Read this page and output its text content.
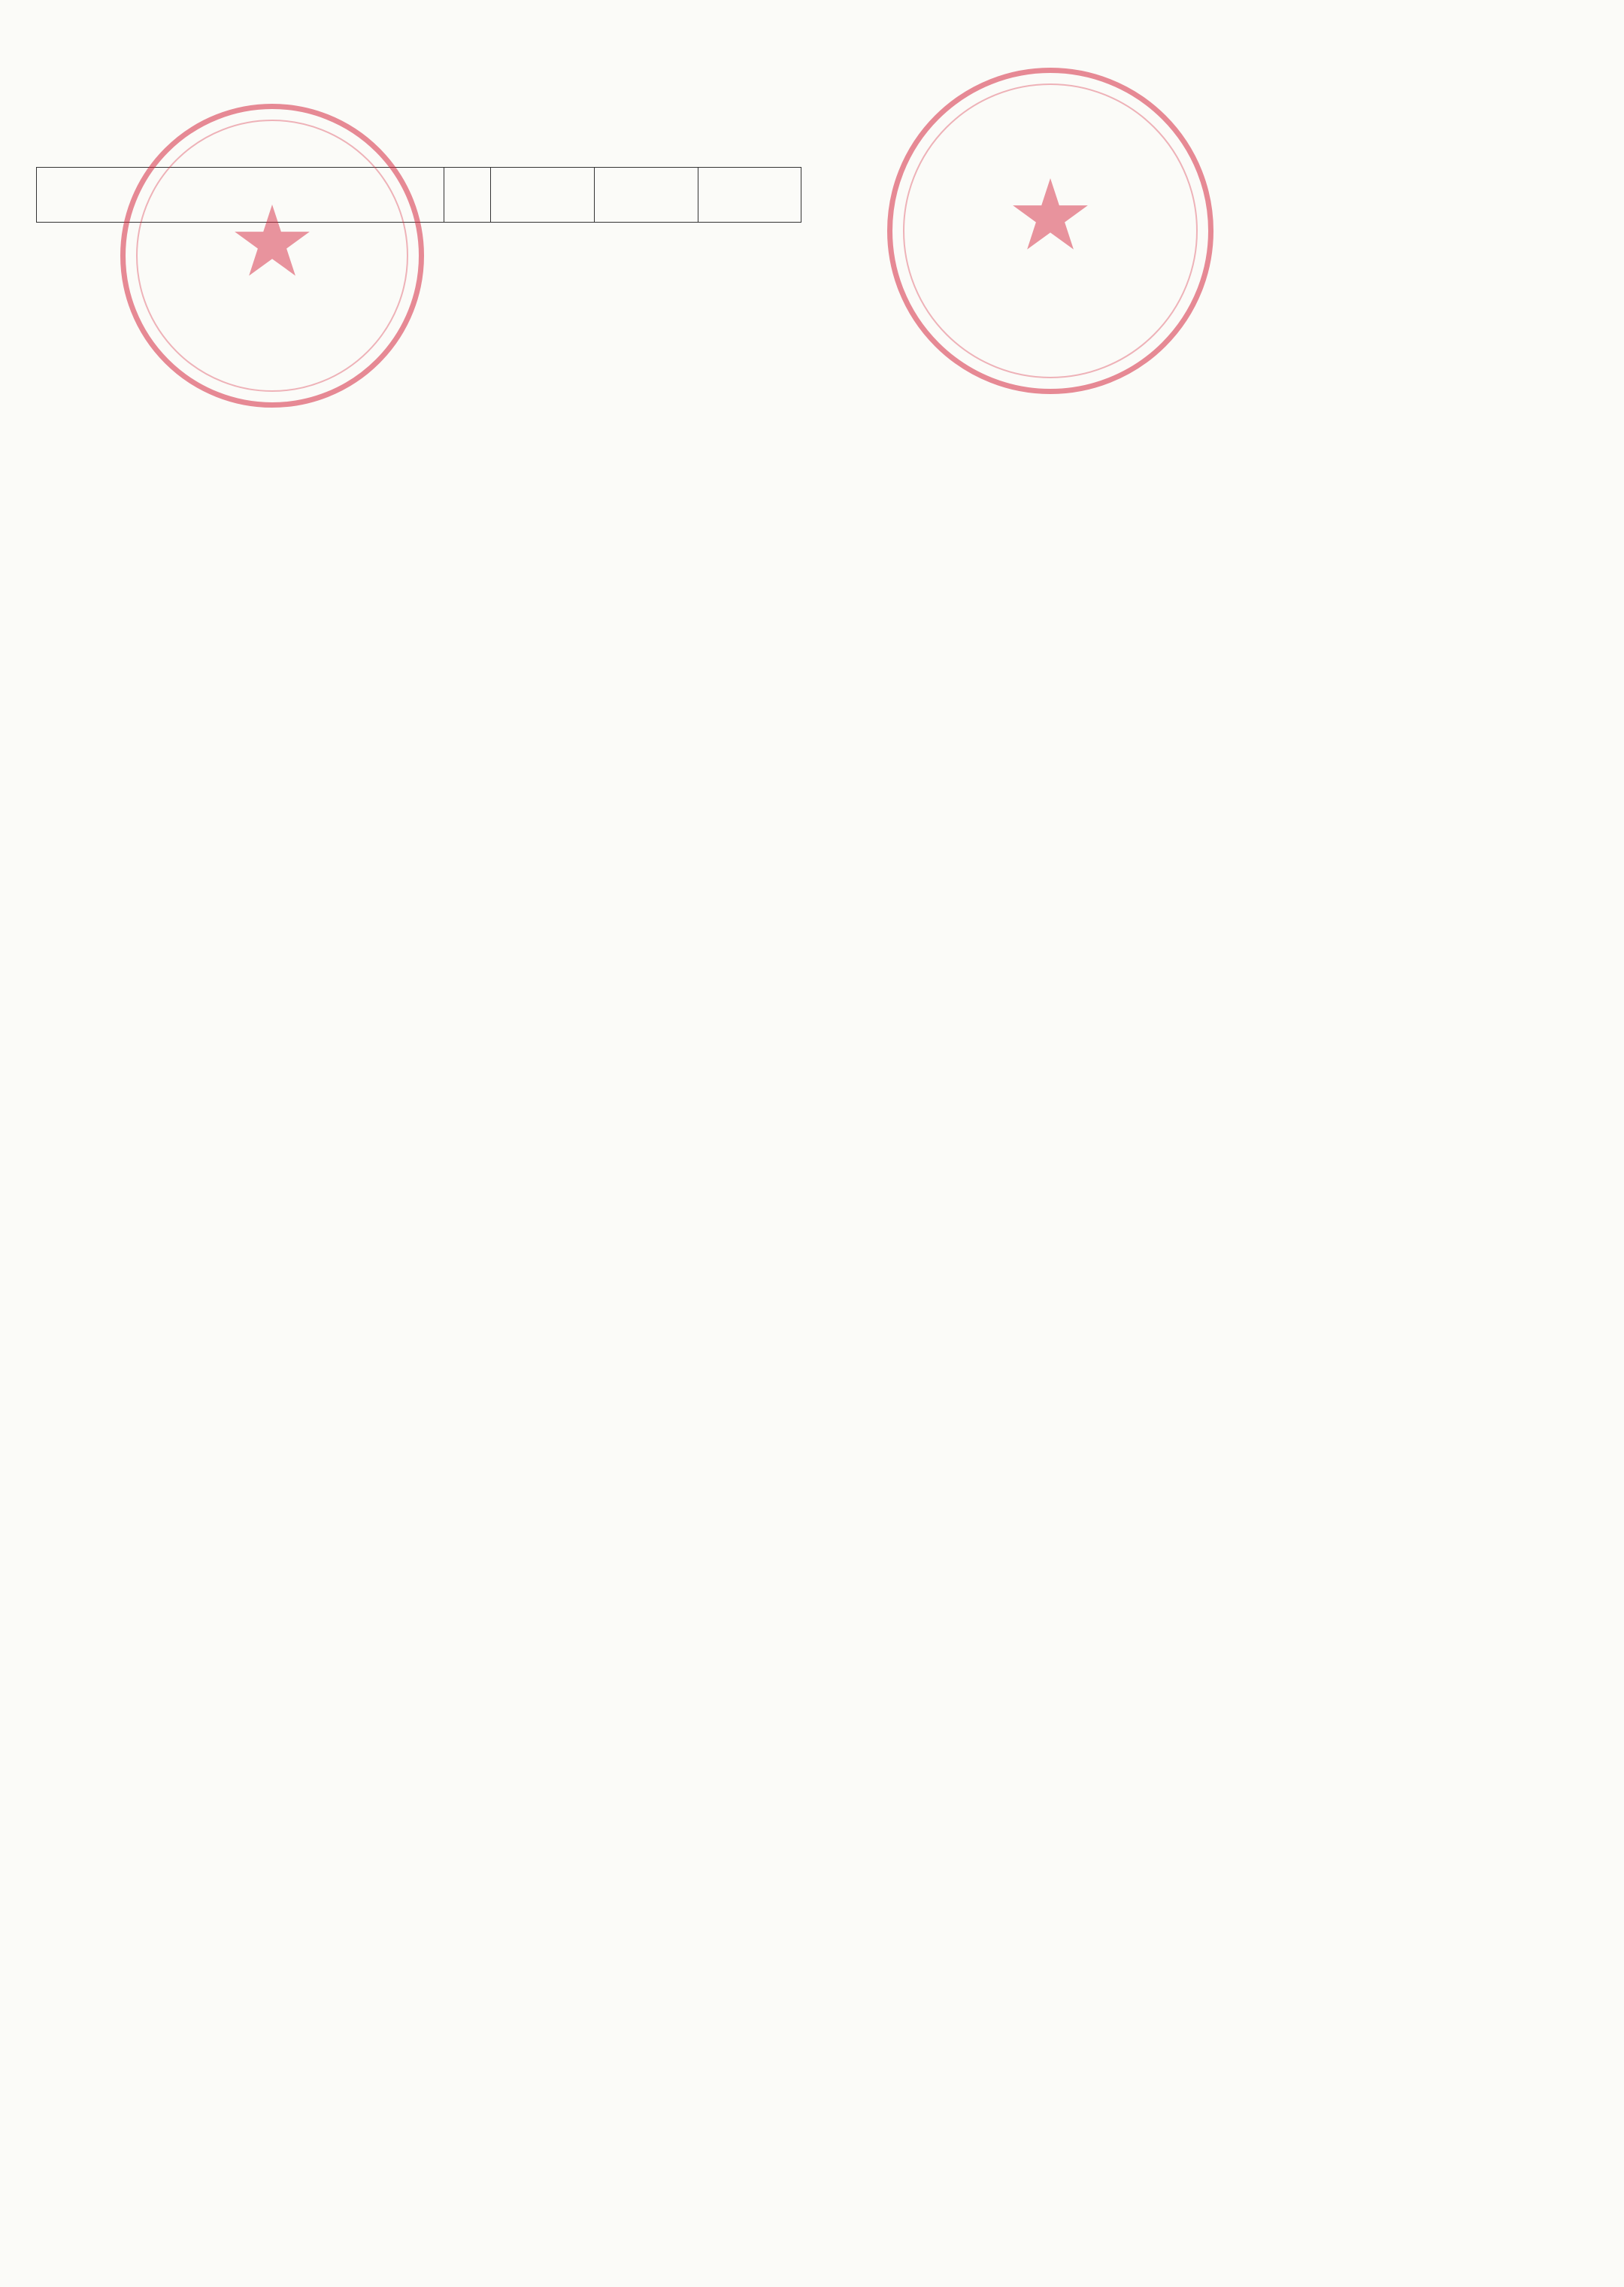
★	★
